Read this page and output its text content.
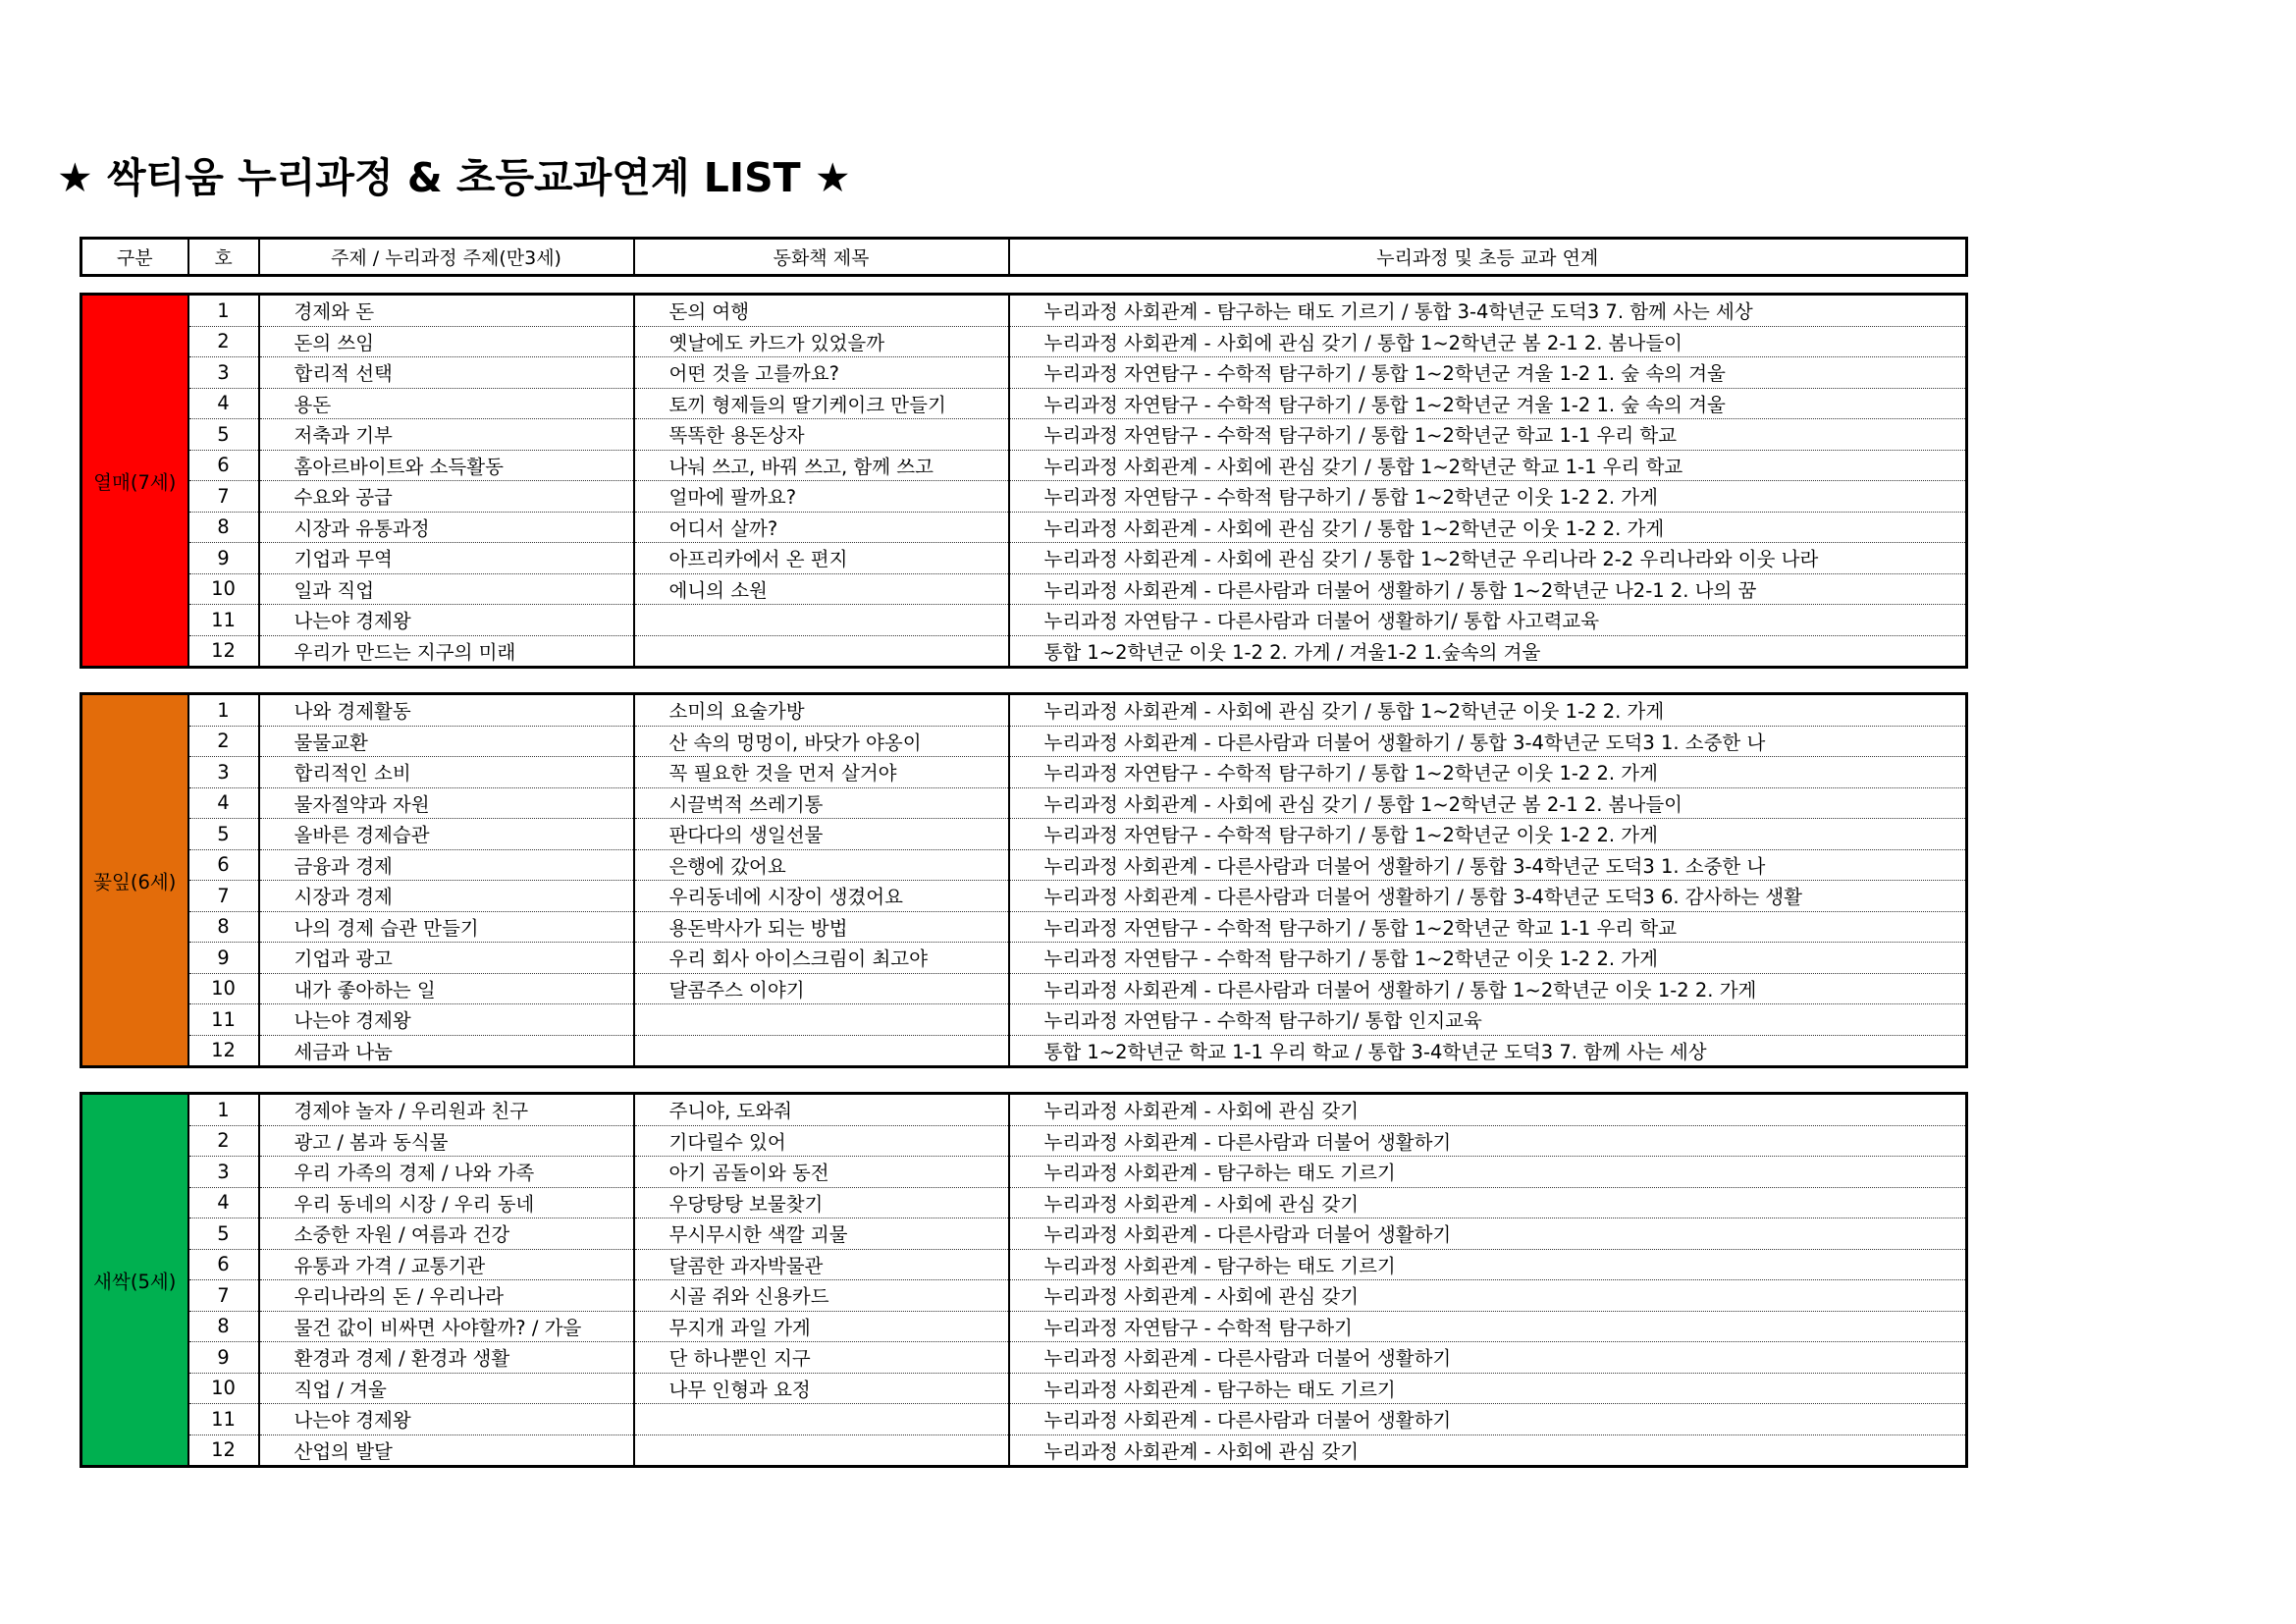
★ 싹티움 누리과정 & 초등교과연계 LIST ★
구분	호	주제 / 누리과정 주제(만3세)	동화책 제목	누리과정 및 초등 교과 연계
열매(7세)	1	경제와 돈	돈의 여행	누리과정 사회관계 - 탐구하는 태도 기르기 / 통합 3-4학년군 도덕3 7. 함께 사는 세상
	2	돈의 쓰임	옛날에도 카드가 있었을까	누리과정 사회관계 - 사회에 관심 갖기 / 통합 1~2학년군 봄 2-1 2. 봄나들이
	3	합리적 선택	어떤 것을 고를까요?	누리과정 자연탐구 - 수학적 탐구하기 / 통합 1~2학년군 겨울 1-2 1. 숲 속의 겨울
	4	용돈	토끼 형제들의 딸기케이크 만들기	누리과정 자연탐구 - 수학적 탐구하기 / 통합 1~2학년군 겨울 1-2 1. 숲 속의 겨울
	5	저축과 기부	똑똑한 용돈상자	누리과정 자연탐구 - 수학적 탐구하기 / 통합 1~2학년군 학교 1-1 우리 학교
	6	홈아르바이트와 소득활동	나눠 쓰고, 바꿔 쓰고, 함께 쓰고	누리과정 사회관계 - 사회에 관심 갖기 / 통합 1~2학년군 학교 1-1 우리 학교
	7	수요와 공급	얼마에 팔까요?	누리과정 자연탐구 - 수학적 탐구하기 / 통합 1~2학년군 이웃 1-2 2. 가게
	8	시장과 유통과정	어디서 살까?	누리과정 사회관계 - 사회에 관심 갖기 / 통합 1~2학년군 이웃 1-2 2. 가게
	9	기업과 무역	아프리카에서 온 편지	누리과정 사회관계 - 사회에 관심 갖기 / 통합 1~2학년군 우리나라 2-2 우리나라와 이웃 나라
	10	일과 직업	에니의 소원	누리과정 사회관계 - 다른사람과 더불어 생활하기 / 통합 1~2학년군 나2-1 2. 나의 꿈
	11	나는야 경제왕		누리과정 자연탐구 - 다른사람과 더불어 생활하기/ 통합 사고력교육
	12	우리가 만드는 지구의 미래		통합 1~2학년군 이웃 1-2 2. 가게 / 겨울1-2 1.숲속의 겨울
꽃잎(6세)	1	나와 경제활동	소미의 요술가방	누리과정 사회관계 - 사회에 관심 갖기 / 통합 1~2학년군 이웃 1-2 2. 가게
	2	물물교환	산 속의 멍멍이, 바닷가 야옹이	누리과정 사회관계 - 다른사람과 더불어 생활하기 / 통합 3-4학년군 도덕3 1. 소중한 나
	3	합리적인 소비	꼭 필요한 것을 먼저 살거야	누리과정 자연탐구 - 수학적 탐구하기 / 통합 1~2학년군 이웃 1-2 2. 가게
	4	물자절약과 자원	시끌벅적 쓰레기통	누리과정 사회관계 - 사회에 관심 갖기 / 통합 1~2학년군 봄 2-1 2. 봄나들이
	5	올바른 경제습관	판다다의 생일선물	누리과정 자연탐구 - 수학적 탐구하기 / 통합 1~2학년군 이웃 1-2 2. 가게
	6	금융과 경제	은행에 갔어요	누리과정 사회관계 - 다른사람과 더불어 생활하기 / 통합 3-4학년군 도덕3 1. 소중한 나
	7	시장과 경제	우리동네에 시장이 생겼어요	누리과정 사회관계 - 다른사람과 더불어 생활하기 / 통합 3-4학년군 도덕3 6. 감사하는 생활
	8	나의 경제 습관 만들기	용돈박사가 되는 방법	누리과정 자연탐구 - 수학적 탐구하기 / 통합 1~2학년군 학교 1-1 우리 학교
	9	기업과 광고	우리 회사 아이스크림이 최고야	누리과정 자연탐구 - 수학적 탐구하기 / 통합 1~2학년군 이웃 1-2 2. 가게
	10	내가 좋아하는 일	달콤주스 이야기	누리과정 사회관계 - 다른사람과 더불어 생활하기 / 통합 1~2학년군 이웃 1-2 2. 가게
	11	나는야 경제왕		누리과정 자연탐구 - 수학적 탐구하기/ 통합 인지교육
	12	세금과 나눔		통합 1~2학년군 학교 1-1 우리 학교 / 통합 3-4학년군 도덕3 7. 함께 사는 세상
새싹(5세)	1	경제야 놀자 / 우리원과 친구	주니야, 도와줘	누리과정 사회관계 - 사회에 관심 갖기
	2	광고 / 봄과 동식물	기다릴수 있어	누리과정 사회관계 - 다른사람과 더불어 생활하기
	3	우리 가족의 경제 / 나와 가족	아기 곰돌이와 동전	누리과정 사회관계 - 탐구하는 태도 기르기
	4	우리 동네의 시장 / 우리 동네	우당탕탕 보물찾기	누리과정 사회관계 - 사회에 관심 갖기
	5	소중한 자원 / 여름과 건강	무시무시한 색깔 괴물	누리과정 사회관계 - 다른사람과 더불어 생활하기
	6	유통과 가격 / 교통기관	달콤한 과자박물관	누리과정 사회관계 - 탐구하는 태도 기르기
	7	우리나라의 돈 / 우리나라	시골 쥐와 신용카드	누리과정 사회관계 - 사회에 관심 갖기
	8	물건 값이 비싸면 사야할까? / 가을	무지개 과일 가게	누리과정 자연탐구 - 수학적 탐구하기
	9	환경과 경제 / 환경과 생활	단 하나뿐인 지구	누리과정 사회관계 - 다른사람과 더불어 생활하기
	10	직업 / 겨울	나무 인형과 요정	누리과정 사회관계 - 탐구하는 태도 기르기
	11	나는야 경제왕		누리과정 사회관계 - 다른사람과 더불어 생활하기
	12	산업의 발달		누리과정 사회관계 - 사회에 관심 갖기
